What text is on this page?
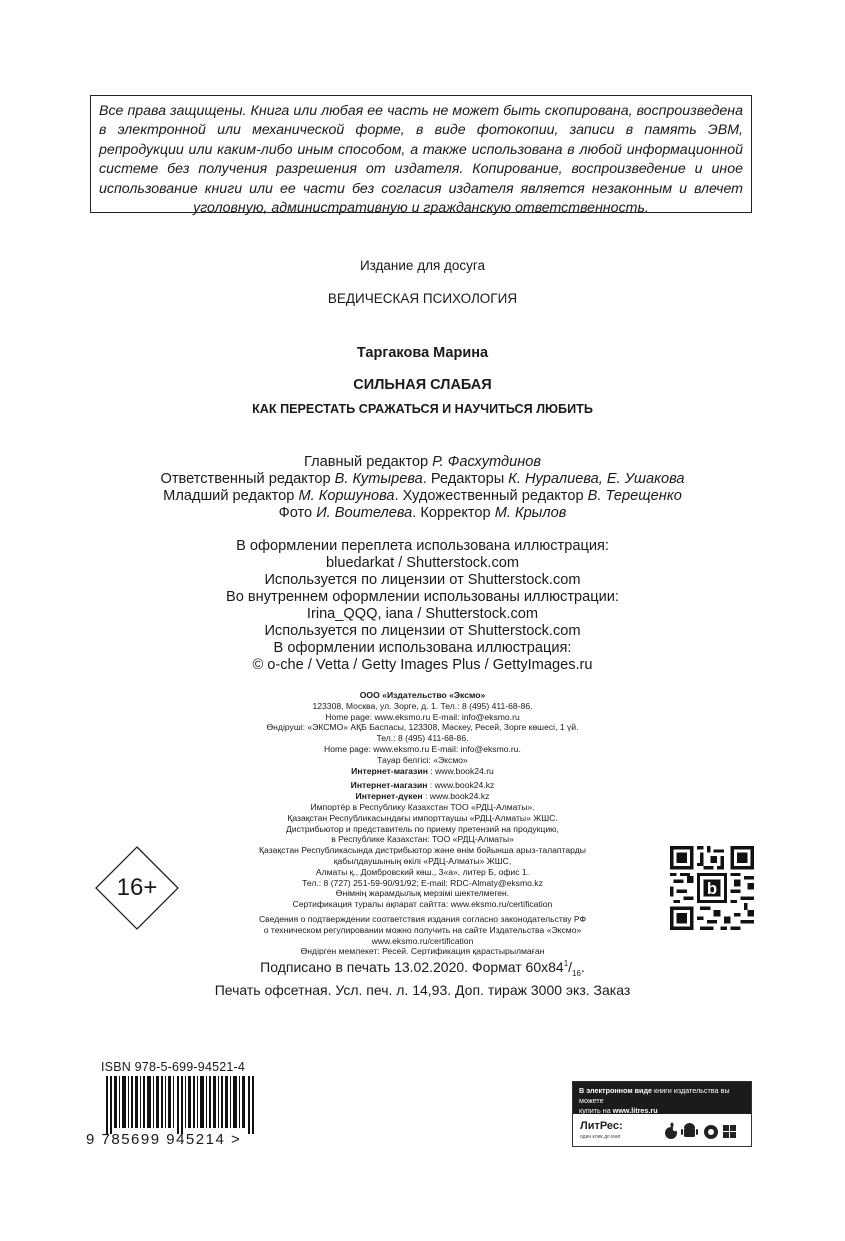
Все права защищены. Книга или любая ее часть не может быть скопирована, воспроизведена в электронной или механической форме, в виде фотокопии, записи в память ЭВМ, репродукции или каким-либо иным способом, а также использована в любой информационной системе без получения разрешения от издателя. Копирование, воспроизведение и иное использование книги или ее части без согласия издателя является незаконным и влечет уголовную, административную и гражданскую ответственность.
Издание для досуга
ВЕДИЧЕСКАЯ ПСИХОЛОГИЯ
Таргакова Марина
СИЛЬНАЯ СЛАБАЯ
КАК ПЕРЕСТАТЬ СРАЖАТЬСЯ И НАУЧИТЬСЯ ЛЮБИТЬ
Главный редактор Р. Фасхутдинов
Ответственный редактор В. Кутырева. Редакторы К. Нуралиева, Е. Ушакова
Младший редактор М. Коршунова. Художественный редактор В. Терещенко
Фото И. Воителева. Корректор М. Крылов
В оформлении переплета использована иллюстрация:
bluedarkat / Shutterstock.com
Используется по лицензии от Shutterstock.com
Во внутреннем оформлении использованы иллюстрации:
Irina_QQQ, iana / Shutterstock.com
Используется по лицензии от Shutterstock.com
В оформлении использована иллюстрация:
© o-che / Vetta / Getty Images Plus / GettyImages.ru
ООО «Издательство «Эксмо»
123308, Москва, ул. Зорге, д. 1. Тел.: 8 (495) 411-68-86.
Home page: www.eksmo.ru E-mail: info@eksmo.ru
Өндіруші: «ЭКСМО» АҚБ Баспасы, 123308, Мәскеу, Ресей, Зорге көшесі, 1 үй.
Тел.: 8 (495) 411-68-86.
Home page: www.eksmo.ru E-mail: info@eksmo.ru.
Тауар белгісі: «Эксмо»
Интернет-магазин : www.book24.ru
Интернет-магазин : www.book24.kz
Интернет-дүкен : www.book24.kz
Импортёр в Республику Казахстан ТОО «РДЦ-Алматы».
Қазақстан Республикасындағы импорттаушы «РДЦ-Алматы» ЖШС.
Дистрибьютор и представитель по приему претензий на продукцию,
в Республике Казахстан: ТОО «РДЦ-Алматы»
Қазақстан Республикасында дистрибьютор және өнім бойынша арыз-талаптарды
қабылдаушының өкілі «РДЦ-Алматы» ЖШС,
Алматы қ., Домбровский көш., 3«а», литер Б, офис 1.
Тел.: 8 (727) 251-59-90/91/92; E-mail: RDC-Almaty@eksmo.kz
Өнімнің жарамдылық мерзімі шектелмеген.
Сертификация туралы ақпарат сайтта: www.eksmo.ru/certification
Сведения о подтверждении соответствия издания согласно законодательству РФ
о техническом регулировании можно получить на сайте Издательства «Эксмо»
www.eksmo.ru/certification
Өндірген мемлекет: Ресей. Сертификация қарастырылмаған
16+	b
Подписано в печать 13.02.2020. Формат $60x84^1/_{16}$.
Печать офсетная. Усл. печ. л. 14,93. Доп. тираж 3000 экз. Заказ
ISBN 978-5-699-94521-4
9 785699 945214 >
В электронном виде книги издательства вы можете
купить на www.litres.ru
ЛитРес:
один клик до книг
